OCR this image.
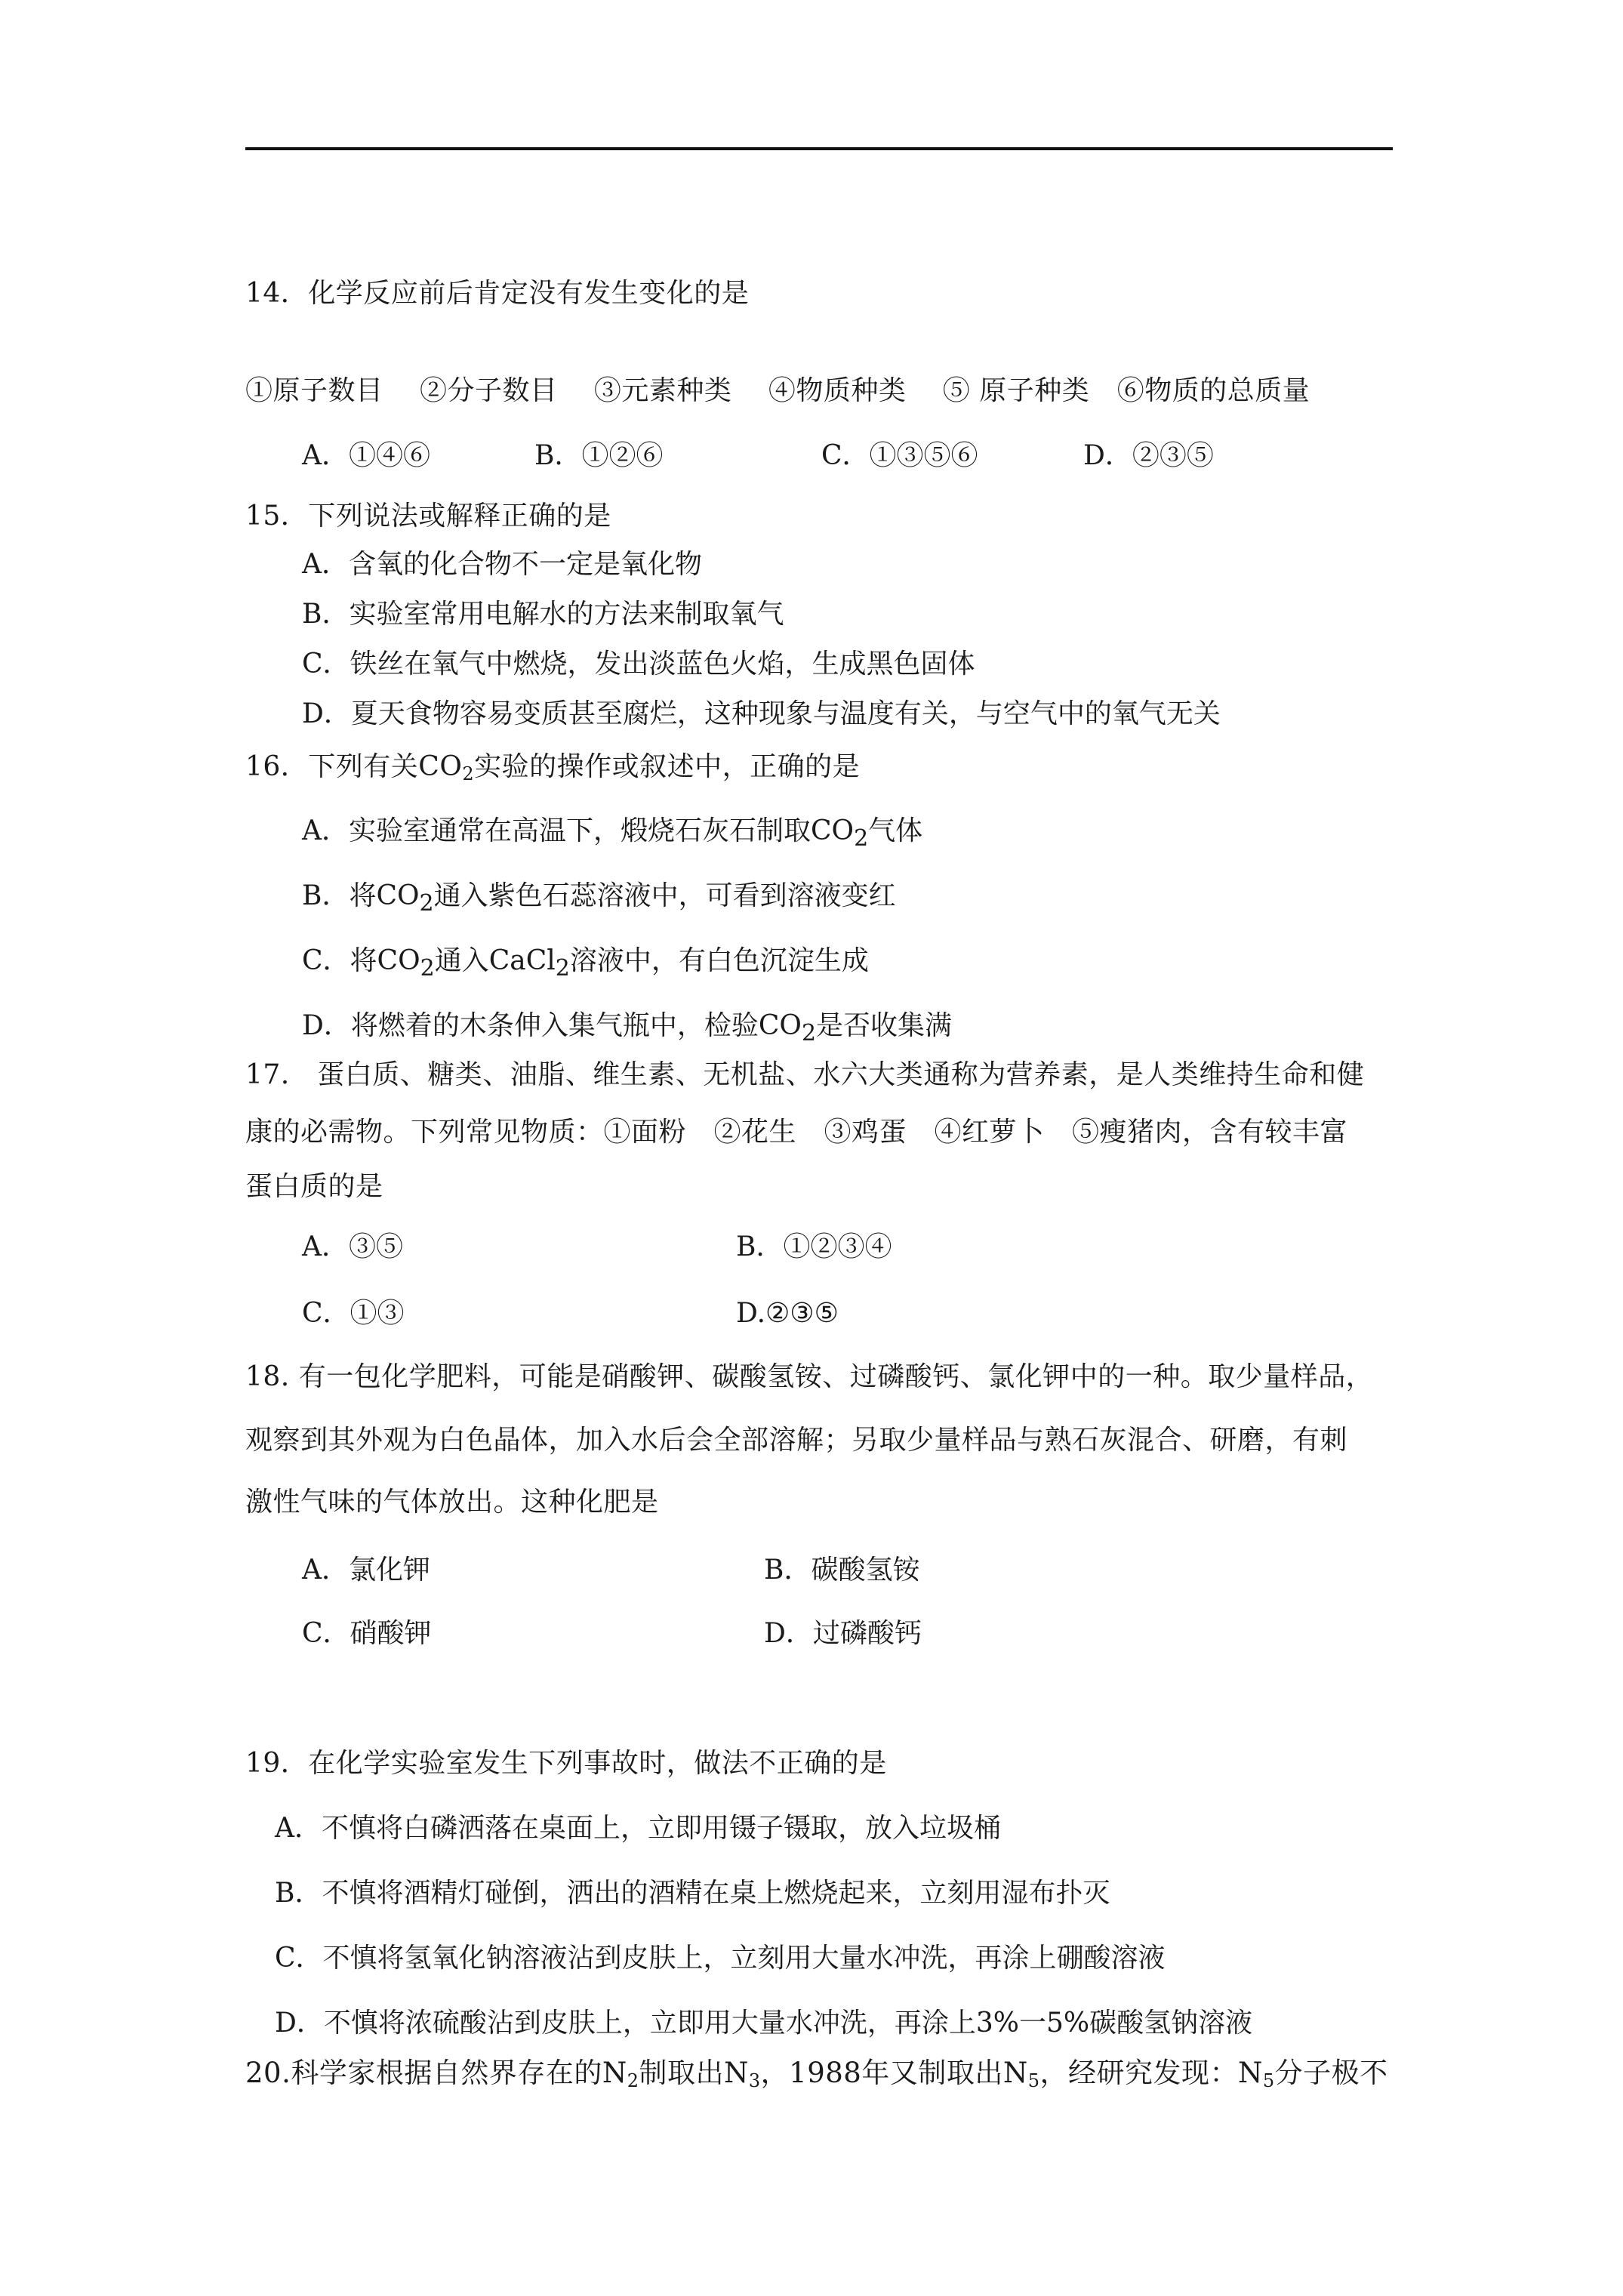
14．化学反应前后肯定没有发生变化的是
①原子数目　 ②分子数目　 ③元素种类　 ④物质种类　 ⑤ 原子种类　⑥物质的总质量
A．①④⑥	B．①②⑥	C．①③⑤⑥	D．②③⑤
15．下列说法或解释正确的是
A．含氧的化合物不一定是氧化物
B．实验室常用电解水的方法来制取氧气
C．铁丝在氧气中燃烧，发出淡蓝色火焰，生成黑色固体
D．夏天食物容易变质甚至腐烂，这种现象与温度有关，与空气中的氧气无关
16．下列有关$CO_2$实验的操作或叙述中，正确的是
A．实验室通常在高温下，煅烧石灰石制取$CO_2$气体
B．将$CO_2$通入紫色石蕊溶液中，可看到溶液变红
C．将$CO_2$通入CaCl$_2$溶液中，有白色沉淀生成
D．将燃着的木条伸入集气瓶中，检验$CO_2$是否收集满
17.　蛋白质、糖类、油脂、维生素、无机盐、水六大类通称为营养素，是人类维持生命和健
康的必需物。下列常见物质：①面粉　②花生　③鸡蛋　④红萝卜　⑤瘦猪肉，含有较丰富
蛋白质的是
A．③⑤	B．①②③④
C．①③	D.②③⑤
18. 有一包化学肥料，可能是硝酸钾、碳酸氢铵、过磷酸钙、氯化钾中的一种。取少量样品，
观察到其外观为白色晶体，加入水后会全部溶解；另取少量样品与熟石灰混合、研磨，有刺
激性气味的气体放出。这种化肥是
A．氯化钾	B．碳酸氢铵
C．硝酸钾	D．过磷酸钙
19．在化学实验室发生下列事故时，做法不正确的是
A．不慎将白磷洒落在桌面上，立即用镊子镊取，放入垃圾桶
B．不慎将酒精灯碰倒，洒出的酒精在桌上燃烧起来，立刻用湿布扑灭
C．不慎将氢氧化钠溶液沾到皮肤上，立刻用大量水冲洗，再涂上硼酸溶液
D．不慎将浓硫酸沾到皮肤上，立即用大量水冲洗，再涂上3%一5%碳酸氢钠溶液
20.科学家根据自然界存在的$N_2$制取出$N_3$，1988年又制取出$N_5$，经研究发现：$N_5$分子极不
